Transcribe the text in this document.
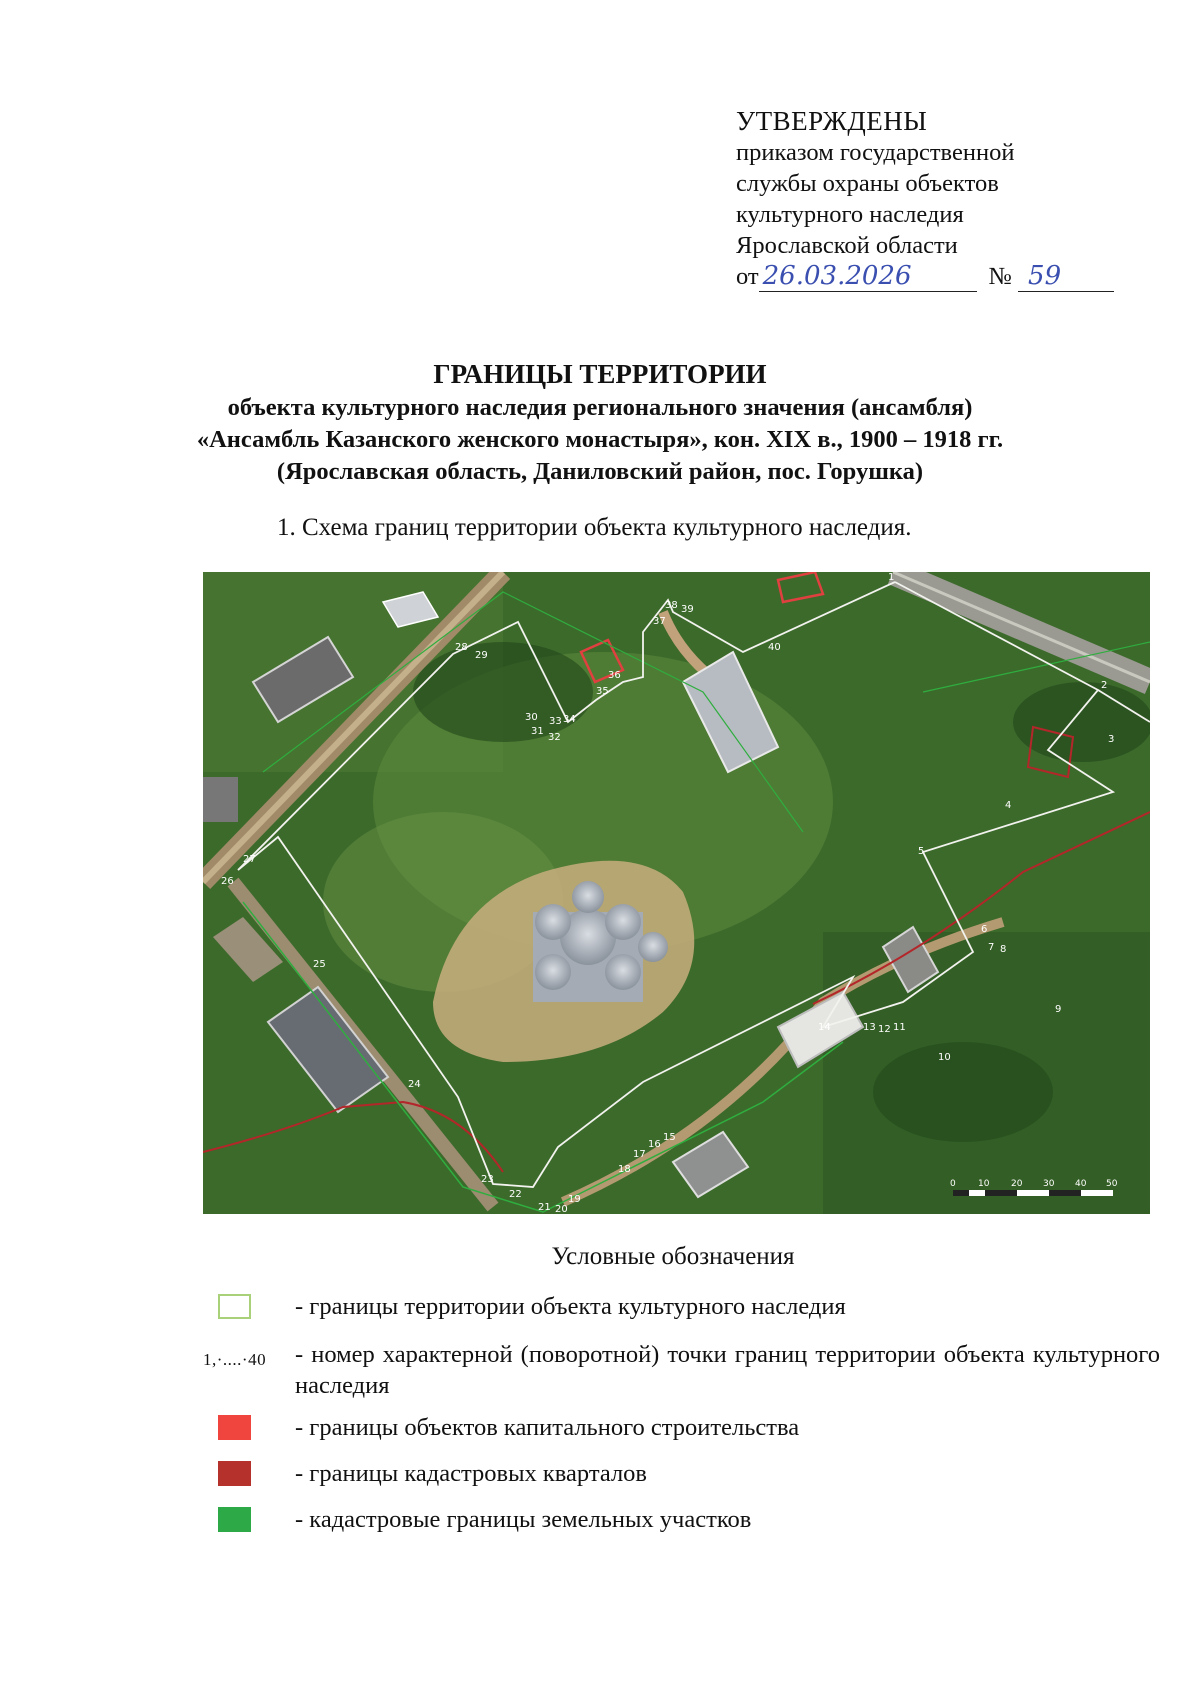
УТВЕРЖДЕНЫ
приказом государственной
службы охраны объектов
культурного наследия
Ярославской области
от 26.03.2026	№ 59
ГРАНИЦЫ ТЕРРИТОРИИ
объекта культурного наследия регионального значения (ансамбля)
«Ансамбль Казанского женского монастыря», кон. XIX в., 1900 – 1918 гг.
(Ярославская область, Даниловский район, пос. Горушка)
1. Схема границ территории объекта культурного наследия.
1
2
3
4
5
6
7 8
9
10
11
12
13
14
15
16
17
18
19
20
21
22
23
24
25
26
27
28
29
30
31
32
33 34
35
36
37
38 39
40
0 10 20 30 40 50
Условные обозначения
- границы территории объекта культурного наследия
1,·....·40 - номер характерной (поворотной) точки границ территории объекта культурного наследия
- границы объектов капитального строительства
- границы кадастровых кварталов
- кадастровые границы земельных участков
